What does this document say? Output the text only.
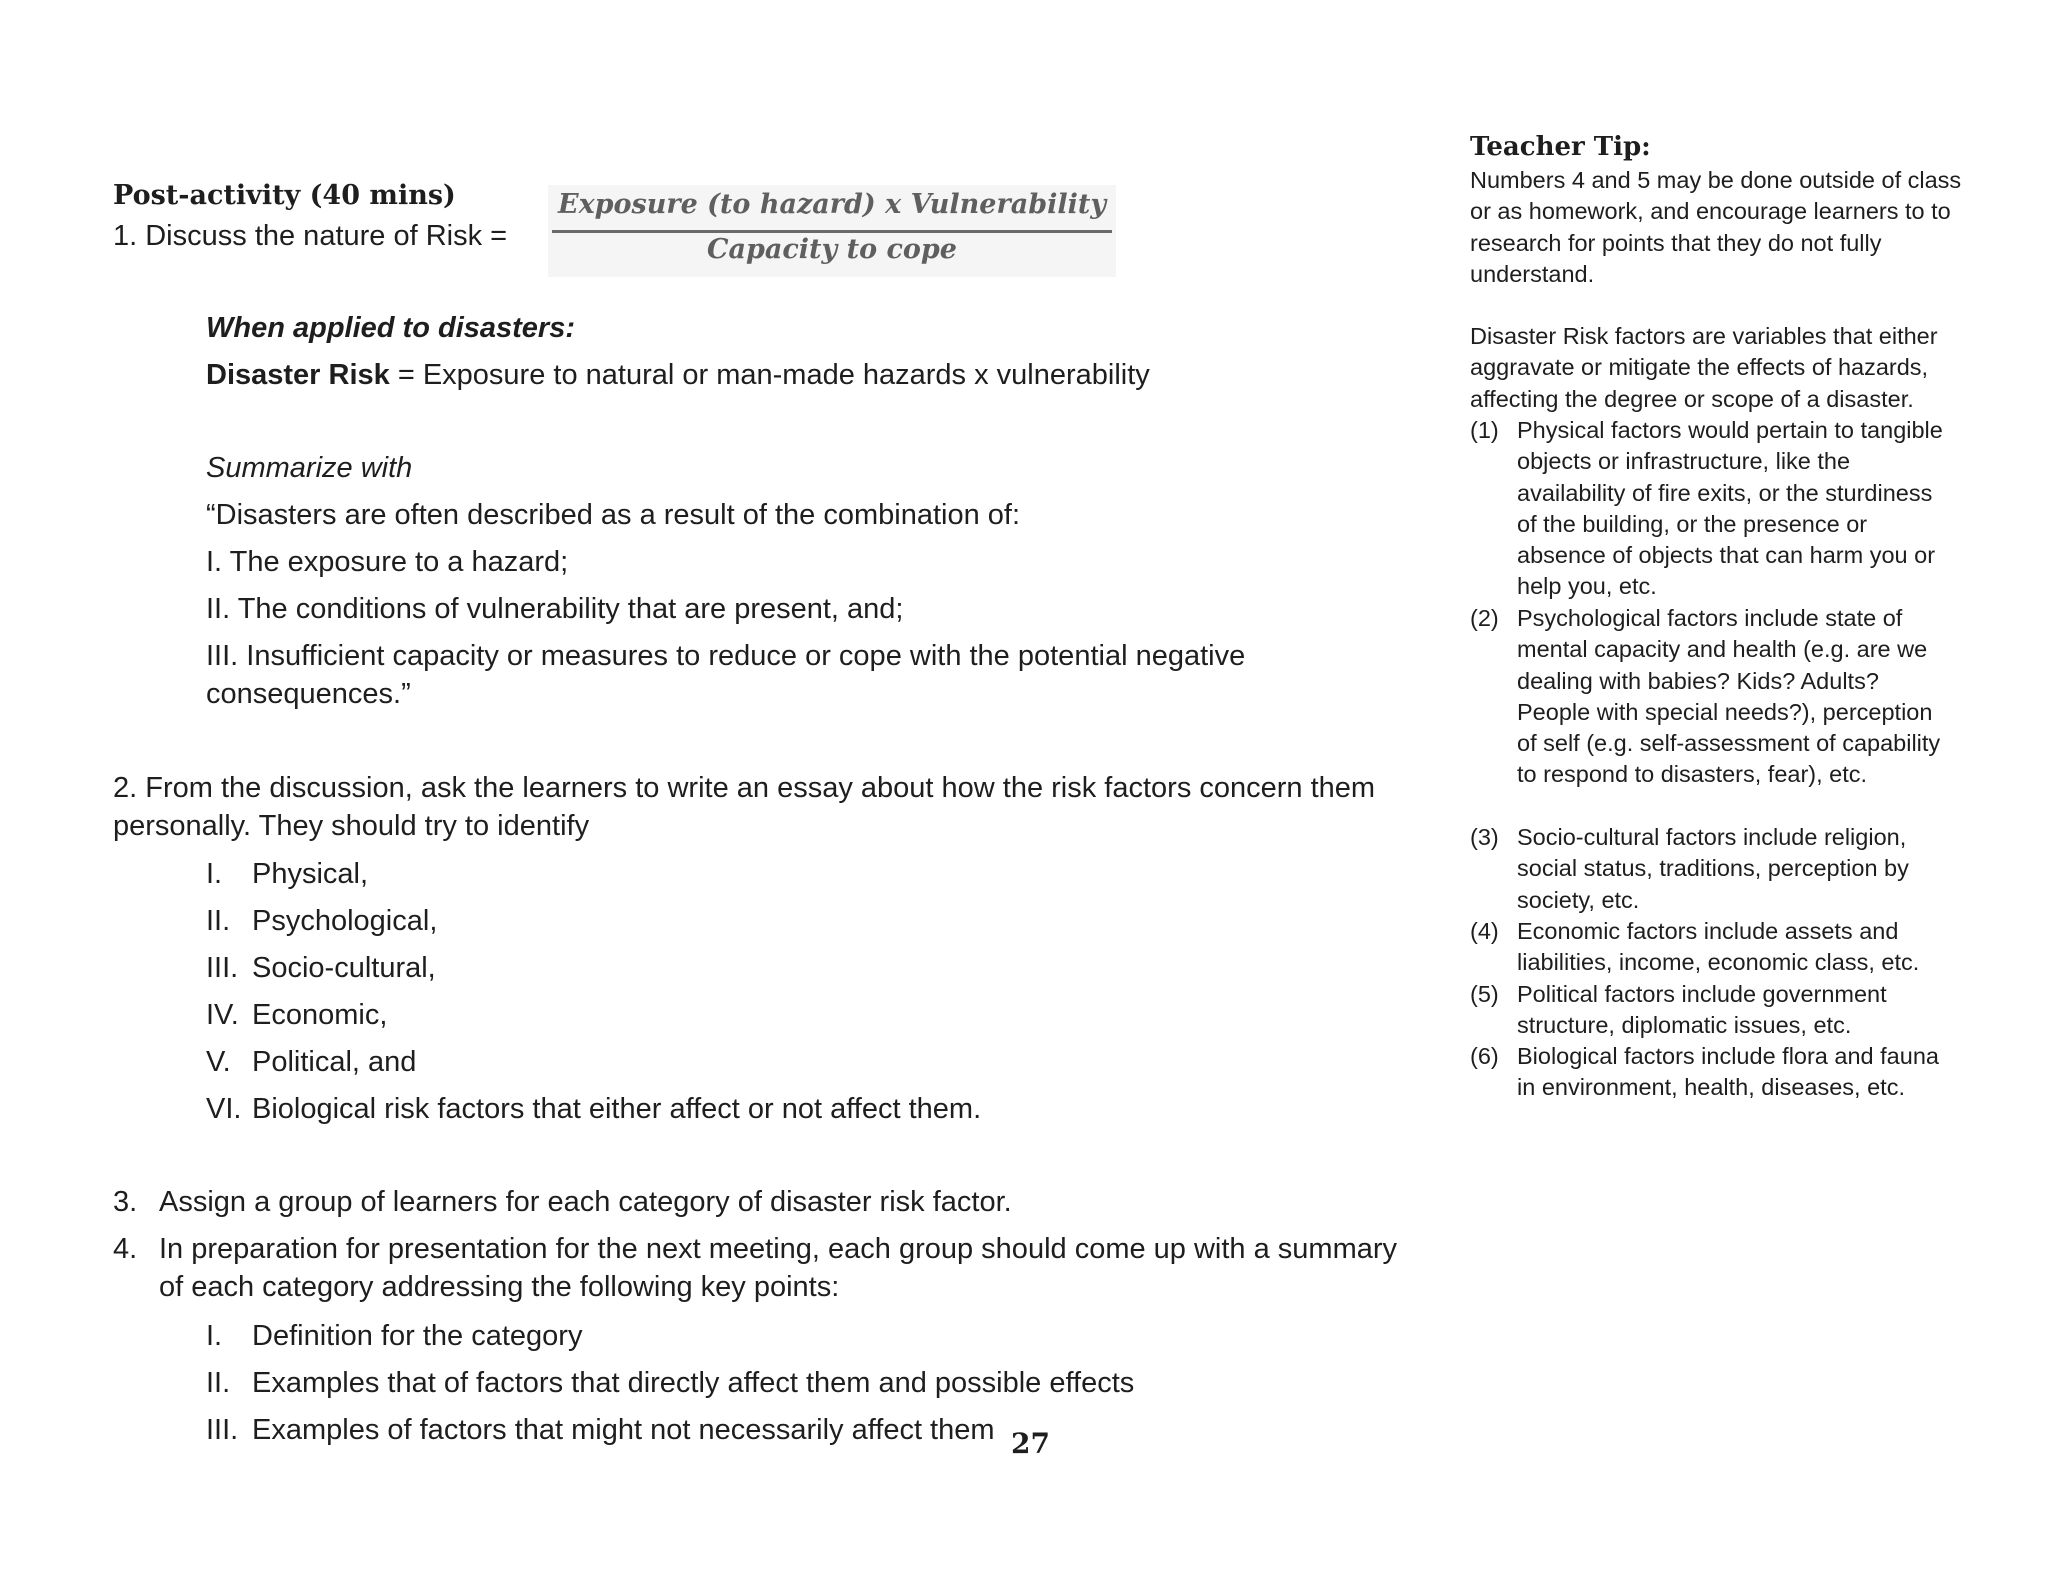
Post-activity (40 mins)
1. Discuss the nature of Risk =
Exposure (to hazard) x Vulnerability
Capacity to cope
When applied to disasters:
Disaster Risk = Exposure to natural or man-made hazards x vulnerability
Summarize with
“Disasters are often described as a result of the combination of:
I. The exposure to a hazard;
II. The conditions of vulnerability that are present, and;
III. Insufficient capacity or measures to reduce or cope with the potential negative consequences.”
2. From the discussion, ask the learners to write an essay about how the risk factors concern them personally. They should try to identify
I.	Physical,
II. Psychological,
III. Socio-cultural,
IV. Economic,
V. Political, and
VI. Biological risk factors that either affect or not affect them.
3. Assign a group of learners for each category of disaster risk factor.
4. In preparation for presentation for the next meeting, each group should come up with a summary of each category addressing the following key points:
I.	Definition for the category
II. Examples that of factors that directly affect them and possible effects
III. Examples of factors that might not necessarily affect them 27
Teacher Tip:
Numbers 4 and 5 may be done outside of class or as homework, and encourage learners to to research for points that they do not fully understand.
Disaster Risk factors are variables that either aggravate or mitigate the effects of hazards, affecting the degree or scope of a disaster.
(1) Physical factors would pertain to tangible objects or infrastructure, like the availability of fire exits, or the sturdiness of the building, or the presence or absence of objects that can harm you or help you, etc.
(2) Psychological factors include state of mental capacity and health (e.g. are we dealing with babies? Kids? Adults? People with special needs?), perception of self (e.g. self-assessment of capability to respond to disasters, fear), etc.
(3) Socio-cultural factors include religion, social status, traditions, perception by society, etc.
(4) Economic factors include assets and liabilities, income, economic class, etc.
(5) Political factors include government structure, diplomatic issues, etc.
(6) Biological factors include flora and fauna in environment, health, diseases, etc.
